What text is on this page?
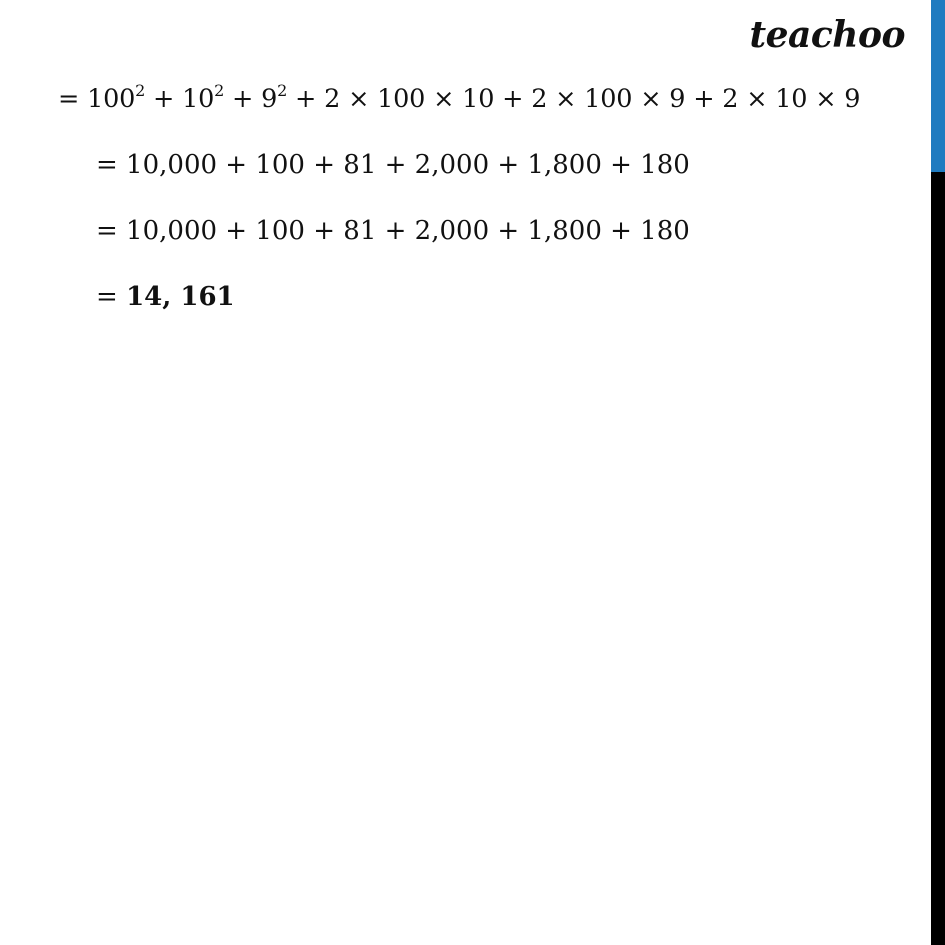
teachoo
= $100^2 + 10^2 + 9^2 + 2 \times 100 \times 10 + 2 \times 100 \times 9 + 2 \times 10 \times 9$
= 10,000 + 100 + 81 + 2,000 + 1,800 + 180
= 10,000 + 100 + 81 + 2,000 + 1,800 + 180
= 14, 161
